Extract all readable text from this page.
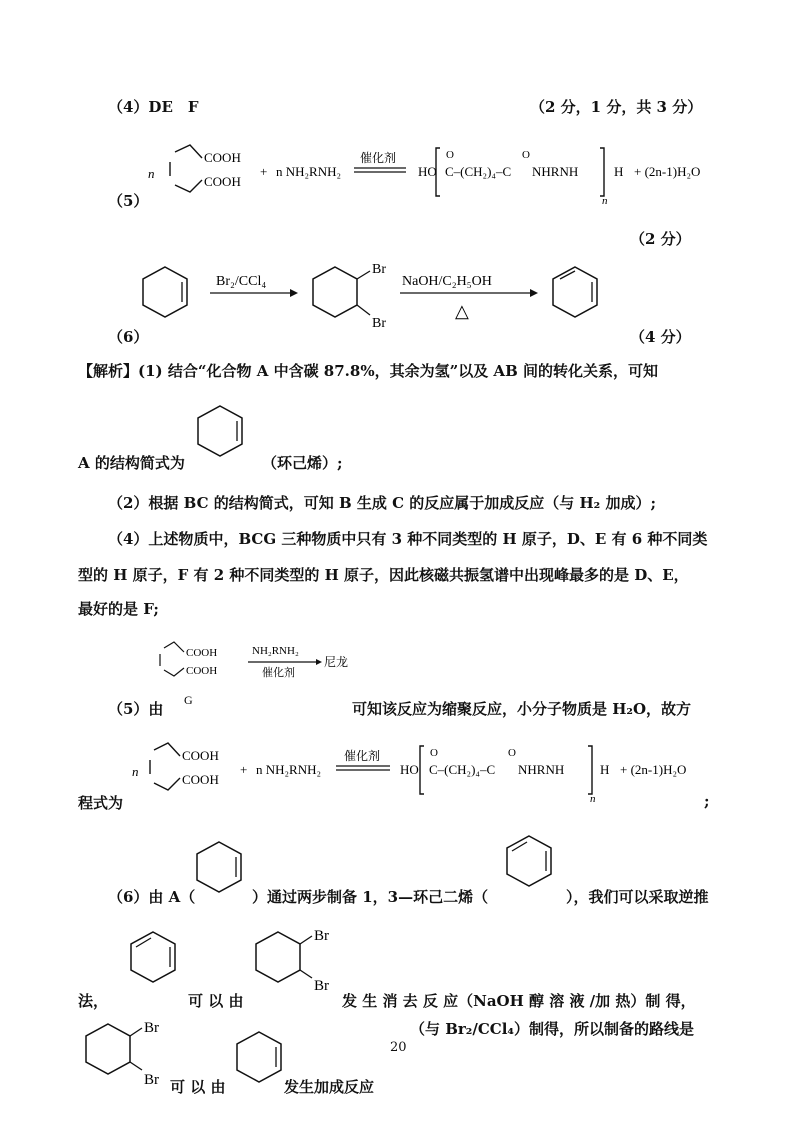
（4）DE　F	（2 分，1 分，共 3 分）
（5）
n
COOH
COOH
+ n NH₂RNH₂
催化剂
HO
O
C–(CH₂)₄–C
O
NHRNH	H
n
+ (2n-1)H₂O
（2 分）
（6）
Br₂/CCl₄
Br
Br
NaOH/C₂H₅OH
△
（4 分）
【解析】(1) 结合“化合物 A 中含碳 87.8%，其余为氢”以及 AB 间的转化关系，可知
A 的结构简式为	（环己烯）;
（2）根据 BC 的结构简式，可知 B 生成 C 的反应属于加成反应（与 H₂ 加成）;
（4）上述物质中，BCG 三种物质中只有 3 种不同类型的 H 原子，D、E 有 6 种不同类
型的 H 原子，F 有 2 种不同类型的 H 原子，因此核磁共振氢谱中出现峰最多的是 D、E，
最好的是 F;
COOH
COOH
NH₂RNH₂
催化剂
尼龙
G
（5）由	可知该反应为缩聚反应，小分子物质是 H₂O，故方
n
COOH
COOH
+ n NH₂RNH₂
催化剂
HO
O
C–(CH₂)₄–C
O
NHRNH	H
n
+ (2n-1)H₂O
程式为	;
（6）由 A（	）通过两步制备 1，3—环己二烯（	），我们可以采取逆推
法，	可 以 由
Br
Br
发 生 消 去 反 应（NaOH 醇 溶 液 /加 热）制 得，
Br
Br
（与 Br₂/CCl₄）制得，所以制备的路线是
20
可 以 由	发生加成反应
